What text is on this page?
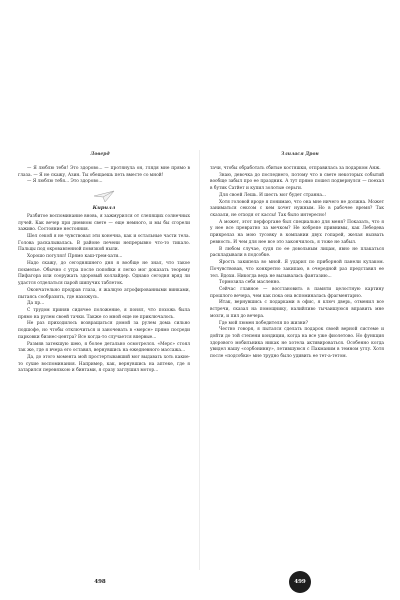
Ловерд

— Я люблю тебя! Это здорово... — протянула он, глядя мне прямо в глаза. — Я не скажу, Азин. Ты обещаешь петь вместе со мной!

— Я люблю тебя... Это здорово...

Кирилл

Разбитое воспоминание вновь, я зажмурился от слепящих солнечных лучей. Как вечер при дневном свете — еще немного, и мы бы сгорели заживо. Состояние нестояния.

Шел секой я не чувствовал эти конечна, как и остальные части тела. Голова раскалывалась. В районе печени непрерывно что-то тикало. Пальцы под окровавленной повязкой ныли.

Хорошо погулял! Прямо каш-трем-хати...

Надо скажу, до сегодняшнего дня я вообще не знал, что такое похмелье. Обычно с утра после попойки я легко мог доказать теорему Пифагора или сооружать здоровый коллайдер. Однако сегодня вряд ли удастся отделаться парой шипучих таблеток.

Окончательно продрав глаза, я жалкую атрофированными винками, пытаясь сообразить, где нахожусь.

Да пр...

С трудом приняв сидячее положение, я понял, что похожь была прямо на рулем своей тачки. Также со мной еще не приключалось.

Не раз приходилось возвращаться домой за рулем дома сильно подшофе, но чтобы отключиться и заночевать в «мерсе» прямо посреди парковки бизнес-центра? Все когда-то случается впервые...

Размяв затекшую шею, я более детально осмотрелся. «Мерс» стоял так же, где я вчера его оставил, вернувшись на ежедневного массажа...

Да, до этого момента мой простертывавший мог выдавать хоть какие-то сухие воспоминания. Например, как, вернувшись на аптеке, где я затарился перевязкою и бинтами, я сразу заглушил мотор...

498
Злилася Дрон

тачи, чтобы обработать сбитые костяшки, отправилась за подарком Анж.

Знаю, девочка до последнего, потому что в свете некоторых событий вообще забыл про ее праздник. А тут прямо пошел подвернулся — поехал в бутик Сатйет и купил золотые серьги.

Для своей Лешь. И шесть мог будет странна...

Хотя головой вроде я понимаю, что она мне ничего не должна. Может заниматься сексом с кем хочет нужным. Но в рабочее время? Так сказали, не отходя от кассы! Так было интересно!

А может, этот перфоргане был специально для меня? Показать, что я у нее все превратно за мечком? Не кобрепе привнимы, как Лебедева прикрелаз на мою тусовку в компании двух гопарей, желая вызвать ревность. И чем для нее все это закончилось, я тоже не забыл.

В любом случае, судя по ее довольным лицам, явно не плакаться раскладывали в подсобке.

Ярость закипела во мной. Я ударил по приборной панели кулаком. Почувствовав, что конкретно закипаю, в очередной раз представил ее тел. Вдохи. Никогда ведь не вызывалась фантазию...

Тормозила себя масленно.

Сейчас главное — восстановить в памяти целостную картину прошлого вечера, чем как пока она вспоминалась фрагментарно.

Итак, вернувшись с подарками в офис, я ключ дверь, отменил все встречи, сказал на помощнику, налийливо тычаишуюся вправить мне мозги, и пил до вечера.

Где мой люмен победителя по жизни?

Честно говоря, я пытался сделать подарок своей верной системе и дойти до той степени кондиции, когда на все уже фиолетово. Но функция здорового мобильника никак не хотела активироваться. Особенно когда увидел нашу «сорбонинну», летившуюся с Пакманим в темном углу. Хотя после «подсобки» мне трудно было удивить ее тет-а-тетом.

499
